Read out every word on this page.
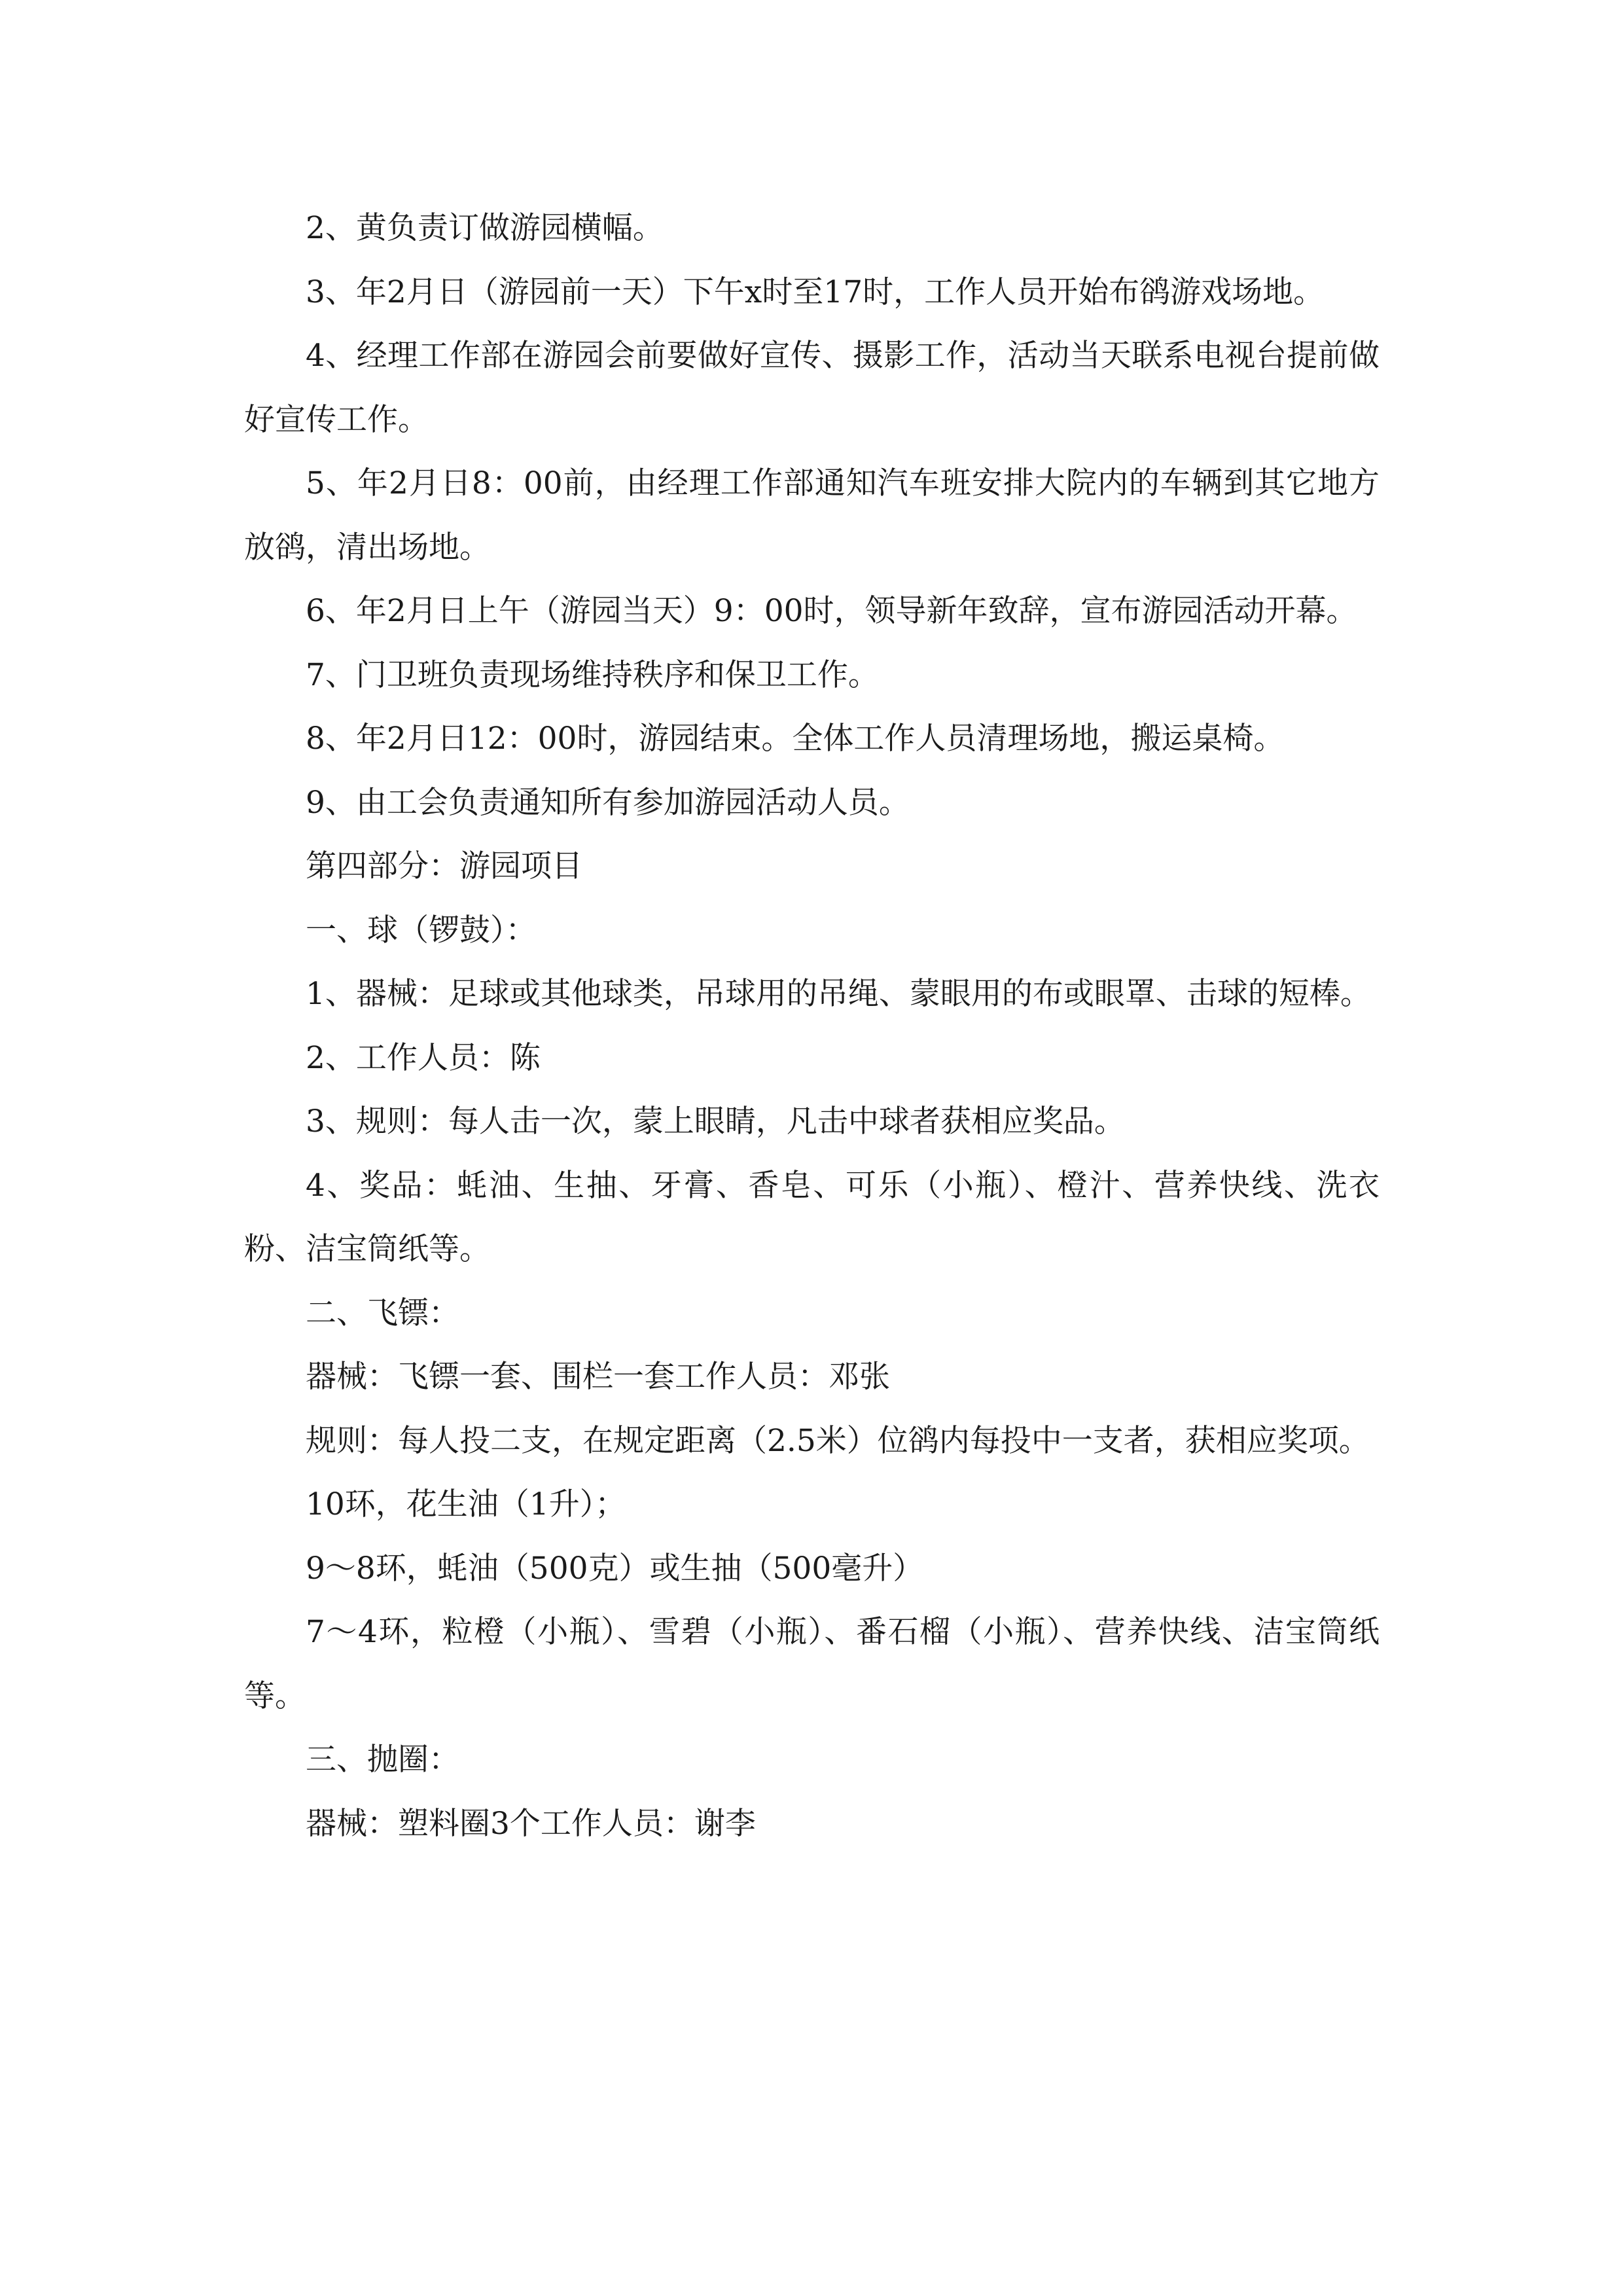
2、黄负责订做游园横幅。

3、年2月日（游园前一天）下午x时至17时，工作人员开始布鹆游戏场地。

4、经理工作部在游园会前要做好宣传、摄影工作，活动当天联系电视台提前做好宣传工作。

5、年2月日8：00前，由经理工作部通知汽车班安排大院内的车辆到其它地方放鹆，清出场地。

6、年2月日上午（游园当天）9：00时，领导新年致辞，宣布游园活动开幕。

7、门卫班负责现场维持秩序和保卫工作。

8、年2月日12：00时，游园结束。全体工作人员清理场地，搬运桌椅。

9、由工会负责通知所有参加游园活动人员。

第四部分：游园项目

一、球（锣鼓）：

1、器械：足球或其他球类，吊球用的吊绳、蒙眼用的布或眼罩、击球的短棒。

2、工作人员：陈

3、规则：每人击一次，蒙上眼睛，凡击中球者获相应奖品。

4、奖品：蚝油、生抽、牙膏、香皂、可乐（小瓶）、橙汁、营养快线、洗衣粉、洁宝筒纸等。

二、飞镖：

器械：飞镖一套、围栏一套工作人员：邓张

规则：每人投二支，在规定距离（2.5米）位鹆内每投中一支者，获相应奖项。

10环，花生油（1升）；

9～8环，蚝油（500克）或生抽（500毫升）

7～4环，粒橙（小瓶）、雪碧（小瓶）、番石榴（小瓶）、营养快线、洁宝筒纸等。

三、抛圈：

器械：塑料圈3个工作人员：谢李
